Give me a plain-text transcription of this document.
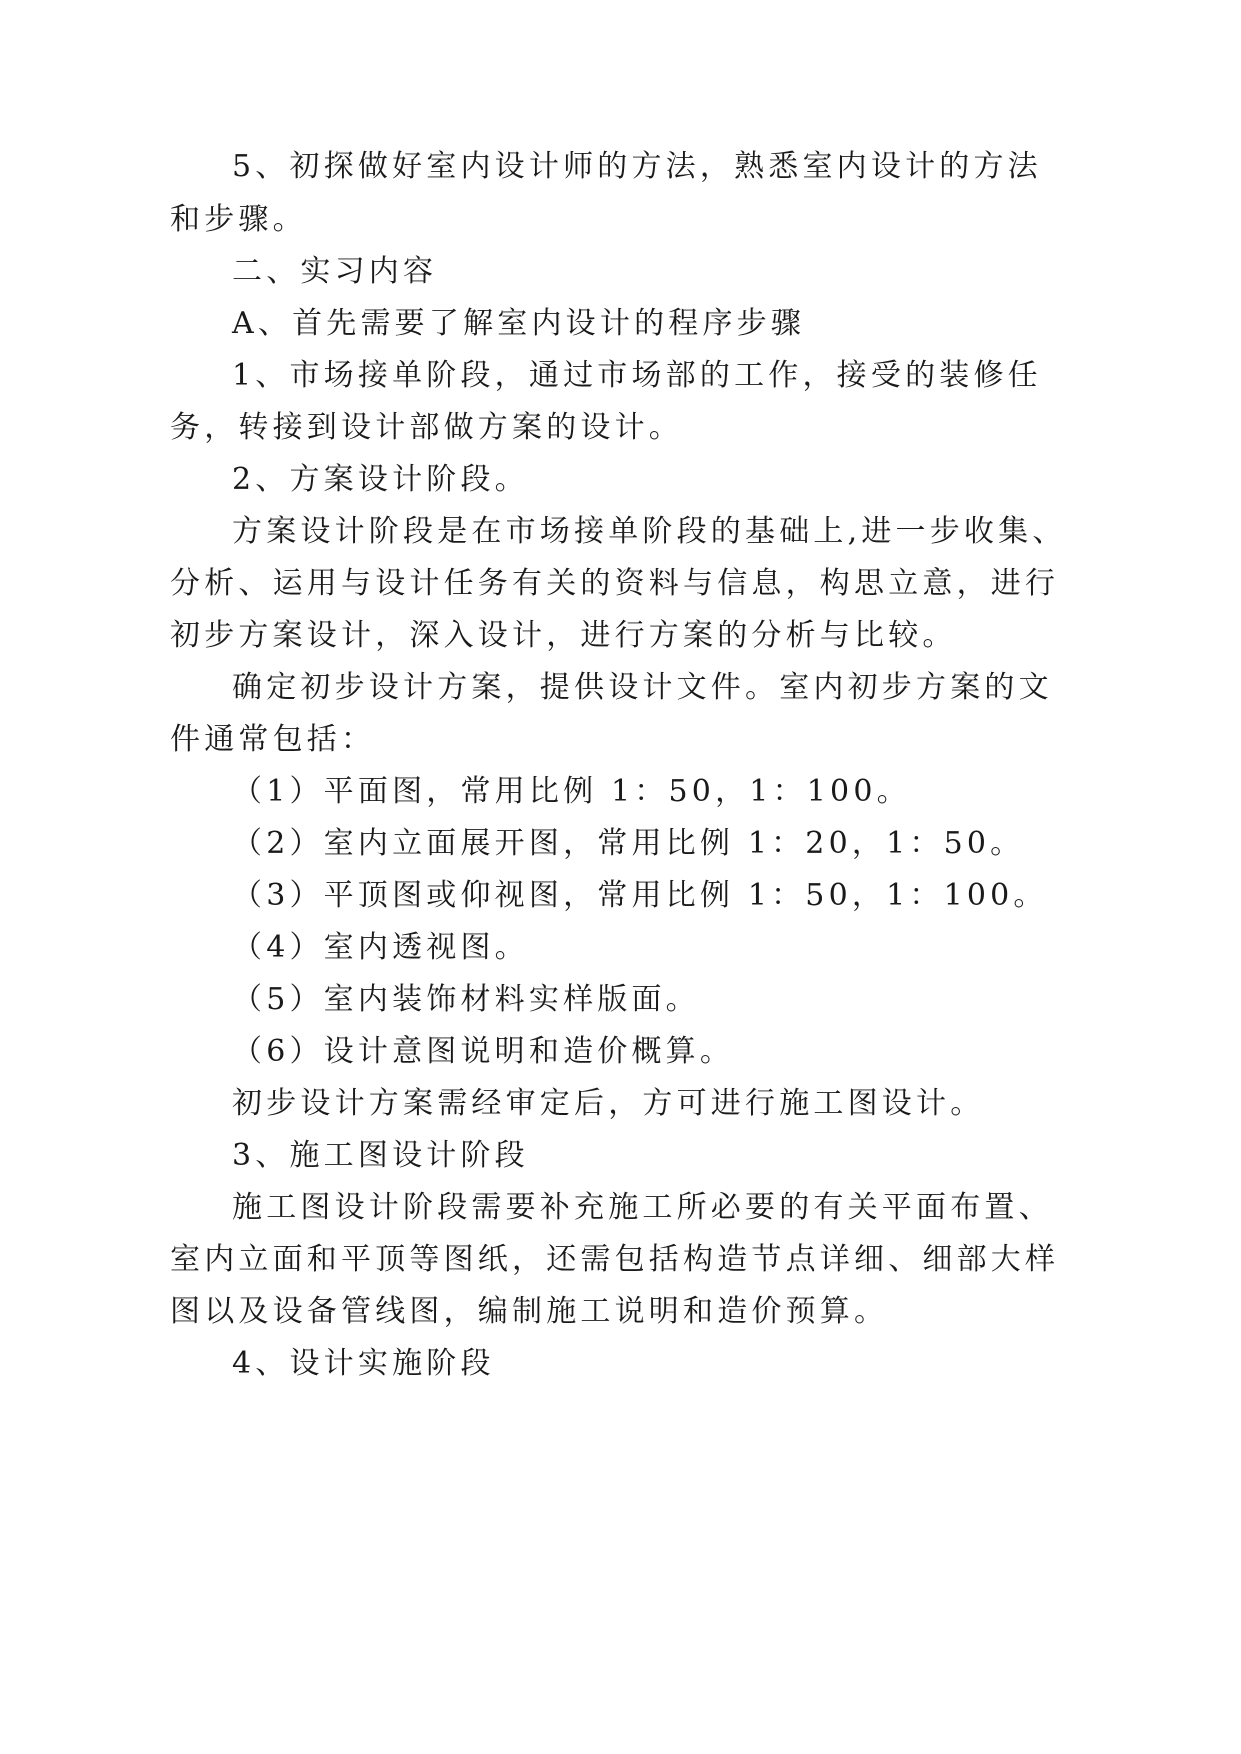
5、初探做好室内设计师的方法，熟悉室内设计的方法

和步骤。

二、实习内容

A、首先需要了解室内设计的程序步骤

1、市场接单阶段，通过市场部的工作，接受的装修任

务，转接到设计部做方案的设计。

2、方案设计阶段。

方案设计阶段是在市场接单阶段的基础上,进一步收集、

分析、运用与设计任务有关的资料与信息，构思立意，进行

初步方案设计，深入设计，进行方案的分析与比较。

确定初步设计方案，提供设计文件。室内初步方案的文

件通常包括：

（1）平面图，常用比例 1：50，1：100。

（2）室内立面展开图，常用比例 1：20，1：50。

（3）平顶图或仰视图，常用比例 1：50，1：100。

（4）室内透视图。

（5）室内装饰材料实样版面。

（6）设计意图说明和造价概算。

初步设计方案需经审定后，方可进行施工图设计。

3、施工图设计阶段

施工图设计阶段需要补充施工所必要的有关平面布置、

室内立面和平顶等图纸，还需包括构造节点详细、细部大样

图以及设备管线图，编制施工说明和造价预算。

4、设计实施阶段
